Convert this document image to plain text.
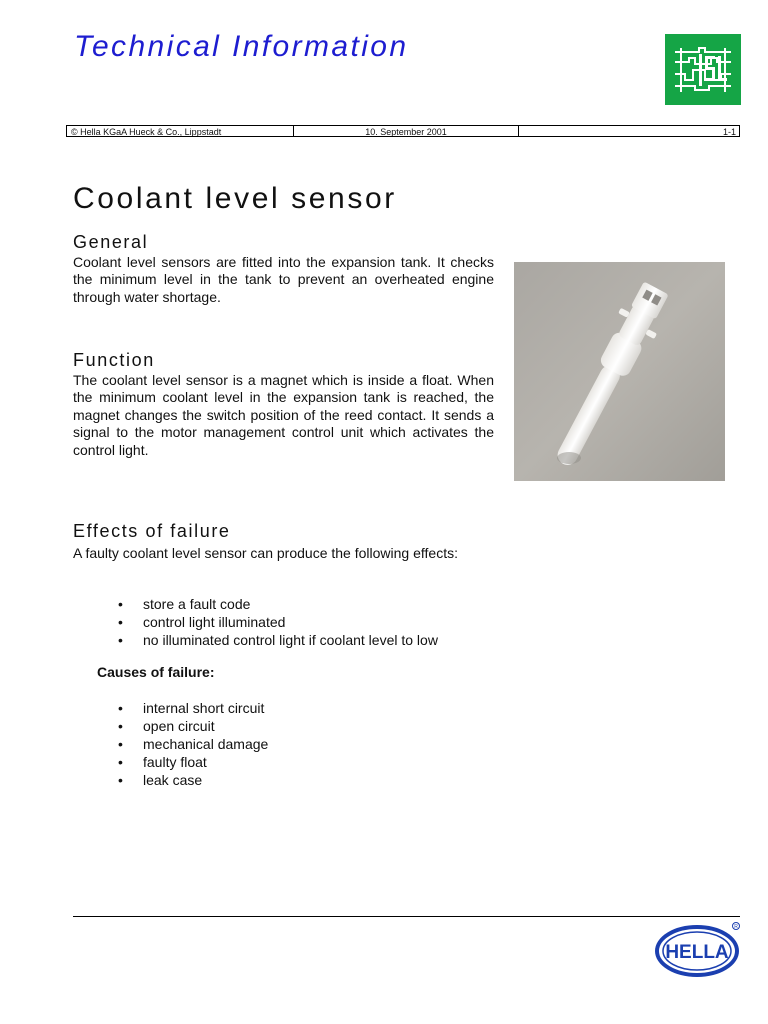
Technical Information
© Hella KGaA Hueck & Co., Lippstadt	10. September 2001	1-1
Coolant level sensor
General
Coolant level sensors are fitted into the expansion tank. It checks the minimum level in the tank to prevent an overheated engine through water shortage.
Function
The coolant level sensor is a magnet which is inside a float. When the minimum coolant level in the expansion tank is reached, the magnet changes the switch position of the reed contact. It sends a signal to the motor management control unit which activates the control light.
Effects of failure
A faulty coolant level sensor can produce the following effects:
• store a fault code
• control light illuminated
• no illuminated control light if coolant level to low
Causes of failure:
• internal short circuit
• open circuit
• mechanical damage
• faulty float
• leak case
HELLA
R
